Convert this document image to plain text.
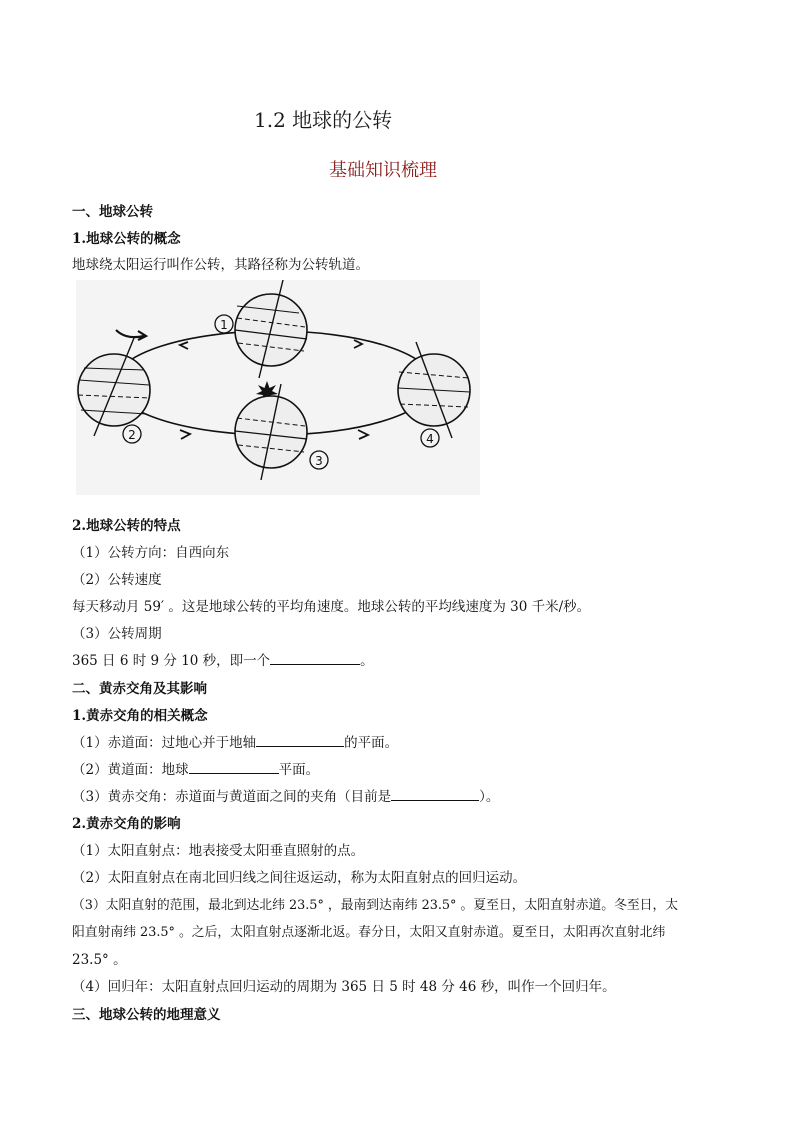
1.2 地球的公转
基础知识梳理
一、地球公转
1.地球公转的概念
地球绕太阳运行叫作公转，其路径称为公转轨道。
1
2
3
4
2.地球公转的特点
（1）公转方向：自西向东
（2）公转速度
每天移动月 59′ 。这是地球公转的平均角速度。地球公转的平均线速度为 30 千米/秒。
（3）公转周期
365 日 6 时 9 分 10 秒，即一个	。
二、黄赤交角及其影响
1.黄赤交角的相关概念
（1）赤道面：过地心并于地轴	的平面。
（2）黄道面：地球	平面。
（3）黄赤交角：赤道面与黄道面之间的夹角（目前是	）。
2.黄赤交角的影响
（1）太阳直射点：地表接受太阳垂直照射的点。
（2）太阳直射点在南北回归线之间往返运动，称为太阳直射点的回归运动。
（3）太阳直射的范围，最北到达北纬 23.5° ，最南到达南纬 23.5° 。夏至日，太阳直射赤道。冬至日，太
阳直射南纬 23.5° 。之后，太阳直射点逐渐北返。春分日，太阳又直射赤道。夏至日，太阳再次直射北纬
23.5° 。
（4）回归年：太阳直射点回归运动的周期为 365 日 5 时 48 分 46 秒，叫作一个回归年。
三、地球公转的地理意义
